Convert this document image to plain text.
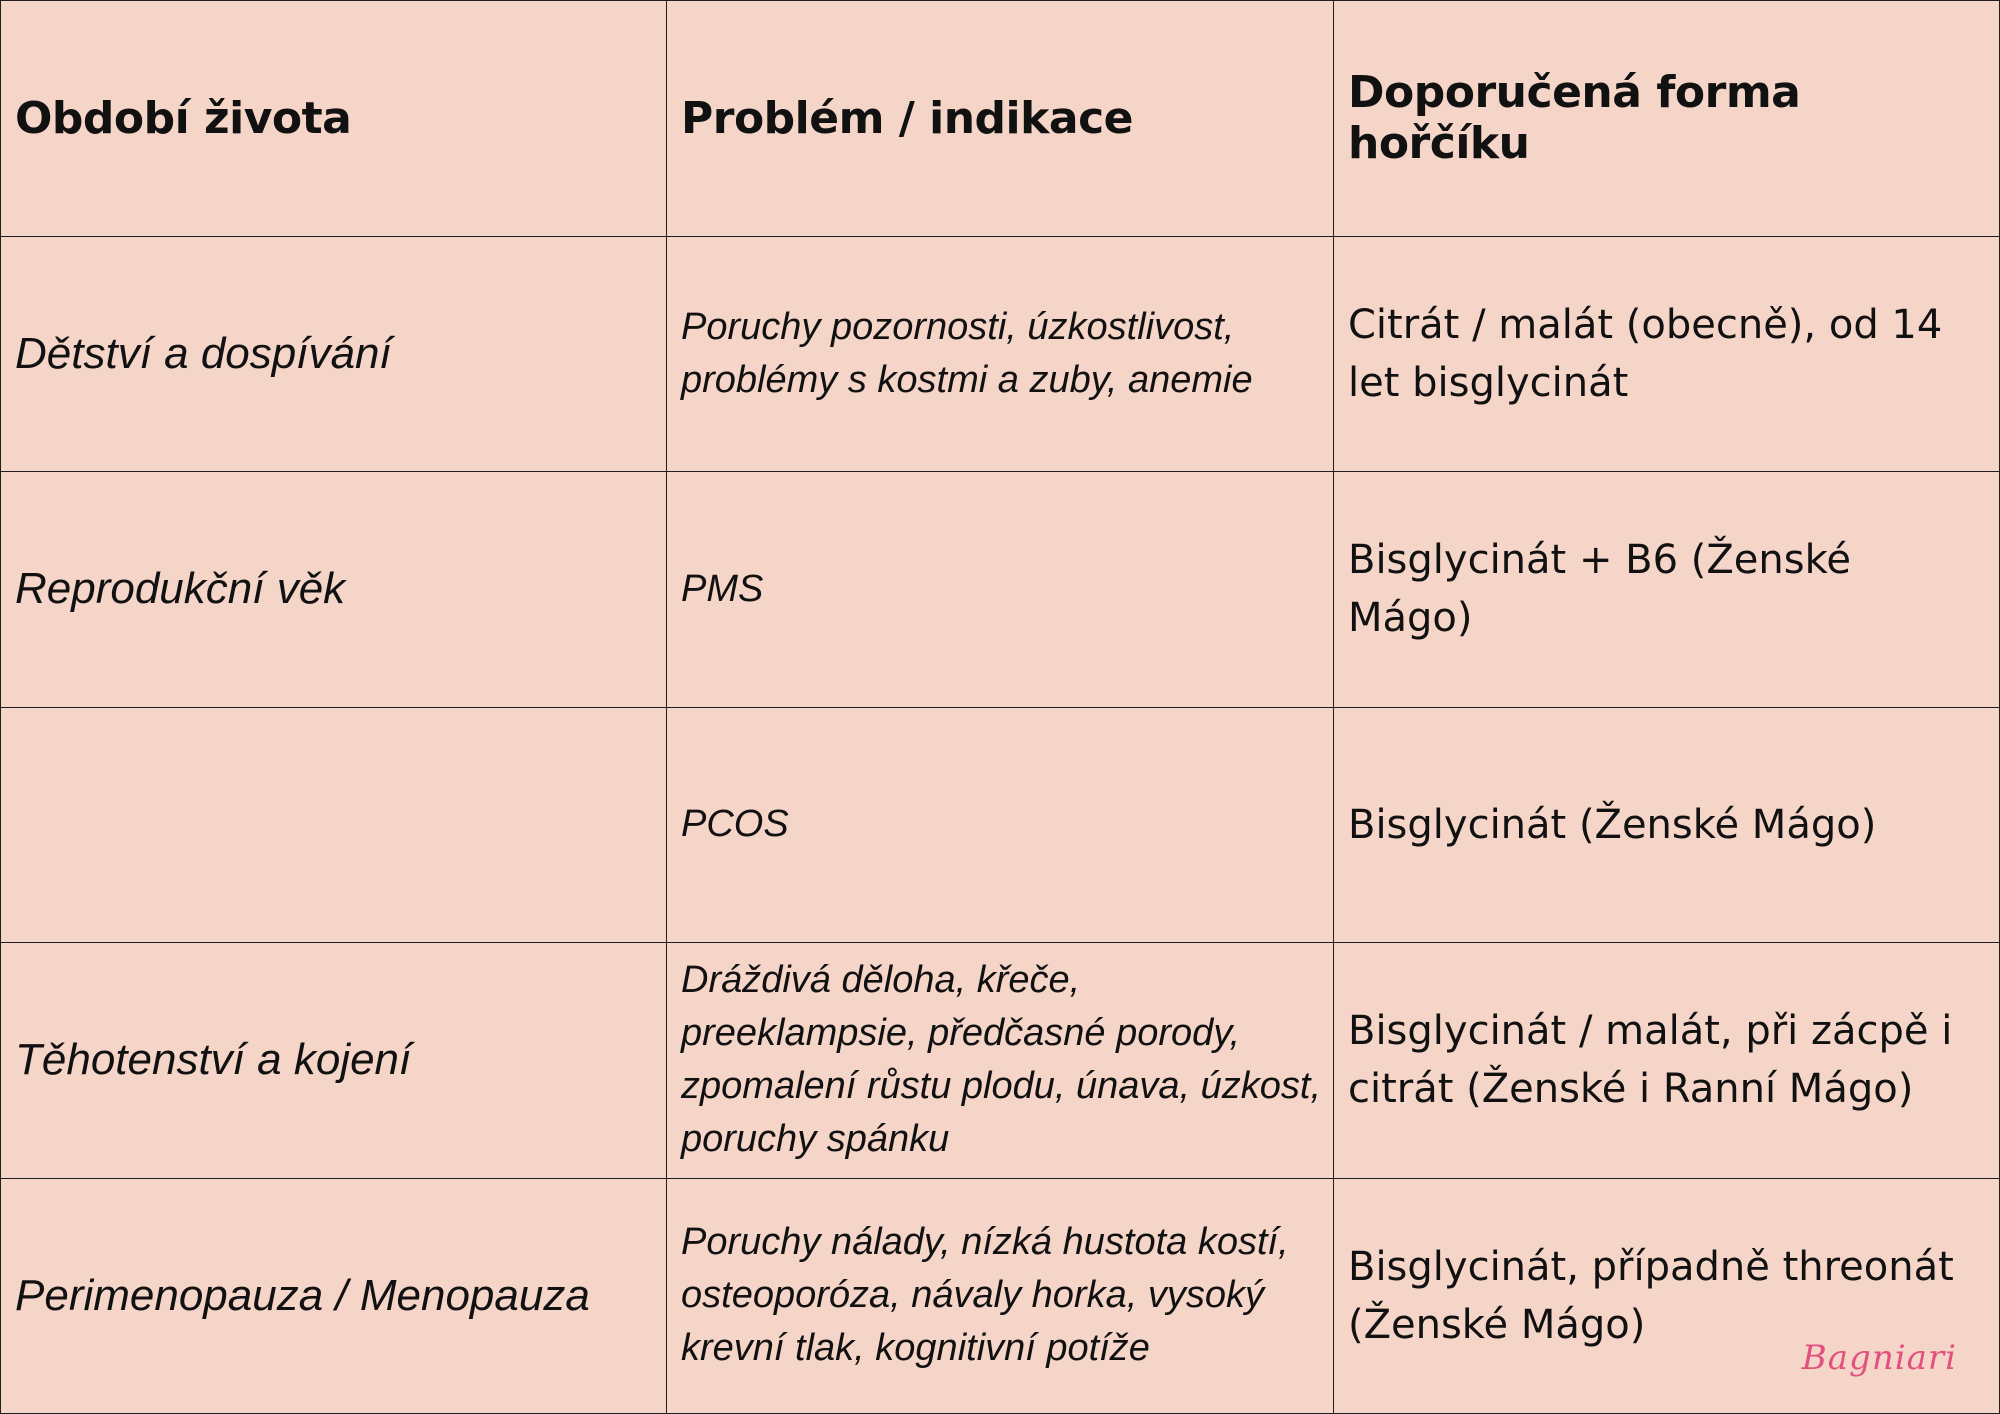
Období života	Problém / indikace	Doporučená forma hořčíku
Dětství a dospívání	Poruchy pozornosti, úzkostlivost, problémy s kostmi a zuby, anemie	Citrát / malát (obecně), od 14 let bisglycinát
Reprodukční věk	PMS	Bisglycinát + B6 (Ženské Mágo)
	PCOS	Bisglycinát (Ženské Mágo)
Těhotenství a kojení	Dráždivá děloha, křeče, preeklampsie, předčasné porody, zpomalení růstu plodu, únava, úzkost, poruchy spánku	Bisglycinát / malát, při zácpě i citrát (Ženské i Ranní Mágo)
Perimenopauza / Menopauza	Poruchy nálady, nízká hustota kostí, osteoporóza, návaly horka, vysoký krevní tlak, kognitivní potíže	Bisglycinát, případně threonát (Ženské Mágo)
Bagniari
